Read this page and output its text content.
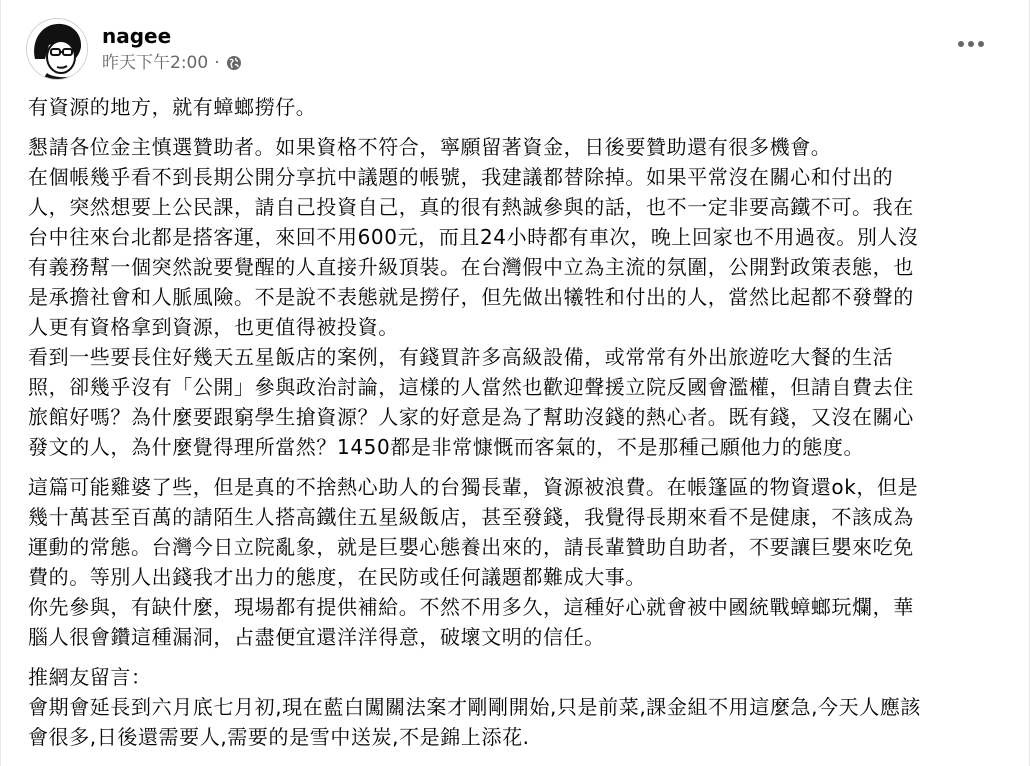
nagee
昨天下午2:00 ·
有資源的地方，就有蟑螂撈仔。
懇請各位金主慎選贊助者。如果資格不符合，寧願留著資金，日後要贊助還有很多機會。
在個帳幾乎看不到長期公開分享抗中議題的帳號，我建議都替除掉。如果平常沒在關心和付出的
人，突然想要上公民課，請自己投資自己，真的很有熱誠參與的話，也不一定非要高鐵不可。我在
台中往來台北都是搭客運，來回不用600元，而且24小時都有車次，晚上回家也不用過夜。別人沒
有義務幫一個突然說要覺醒的人直接升級頂裝。在台灣假中立為主流的氛圍，公開對政策表態，也
是承擔社會和人脈風險。不是說不表態就是撈仔，但先做出犧牲和付出的人，當然比起都不發聲的
人更有資格拿到資源，也更值得被投資。
看到一些要長住好幾天五星飯店的案例，有錢買許多高級設備，或常常有外出旅遊吃大餐的生活
照，卻幾乎沒有「公開」參與政治討論，這樣的人當然也歡迎聲援立院反國會濫權，但請自費去住
旅館好嗎？為什麼要跟窮學生搶資源？人家的好意是為了幫助沒錢的熱心者。既有錢，又沒在關心
發文的人，為什麼覺得理所當然？1450都是非常慷慨而客氣的，不是那種己願他力的態度。
這篇可能雞婆了些，但是真的不捨熱心助人的台獨長輩，資源被浪費。在帳篷區的物資還ok，但是
幾十萬甚至百萬的請陌生人搭高鐵住五星級飯店，甚至發錢，我覺得長期來看不是健康，不該成為
運動的常態。台灣今日立院亂象，就是巨嬰心態養出來的，請長輩贊助自助者，不要讓巨嬰來吃免
費的。等別人出錢我才出力的態度，在民防或任何議題都難成大事。
你先參與，有缺什麼，現場都有提供補給。不然不用多久，這種好心就會被中國統戰蟑螂玩爛，華
腦人很會鑽這種漏洞，占盡便宜還洋洋得意，破壞文明的信任。
推網友留言：
會期會延長到六月底七月初,現在藍白闖關法案才剛剛開始,只是前菜,課金組不用這麼急,今天人應該
會很多,日後還需要人,需要的是雪中送炭,不是錦上添花.
